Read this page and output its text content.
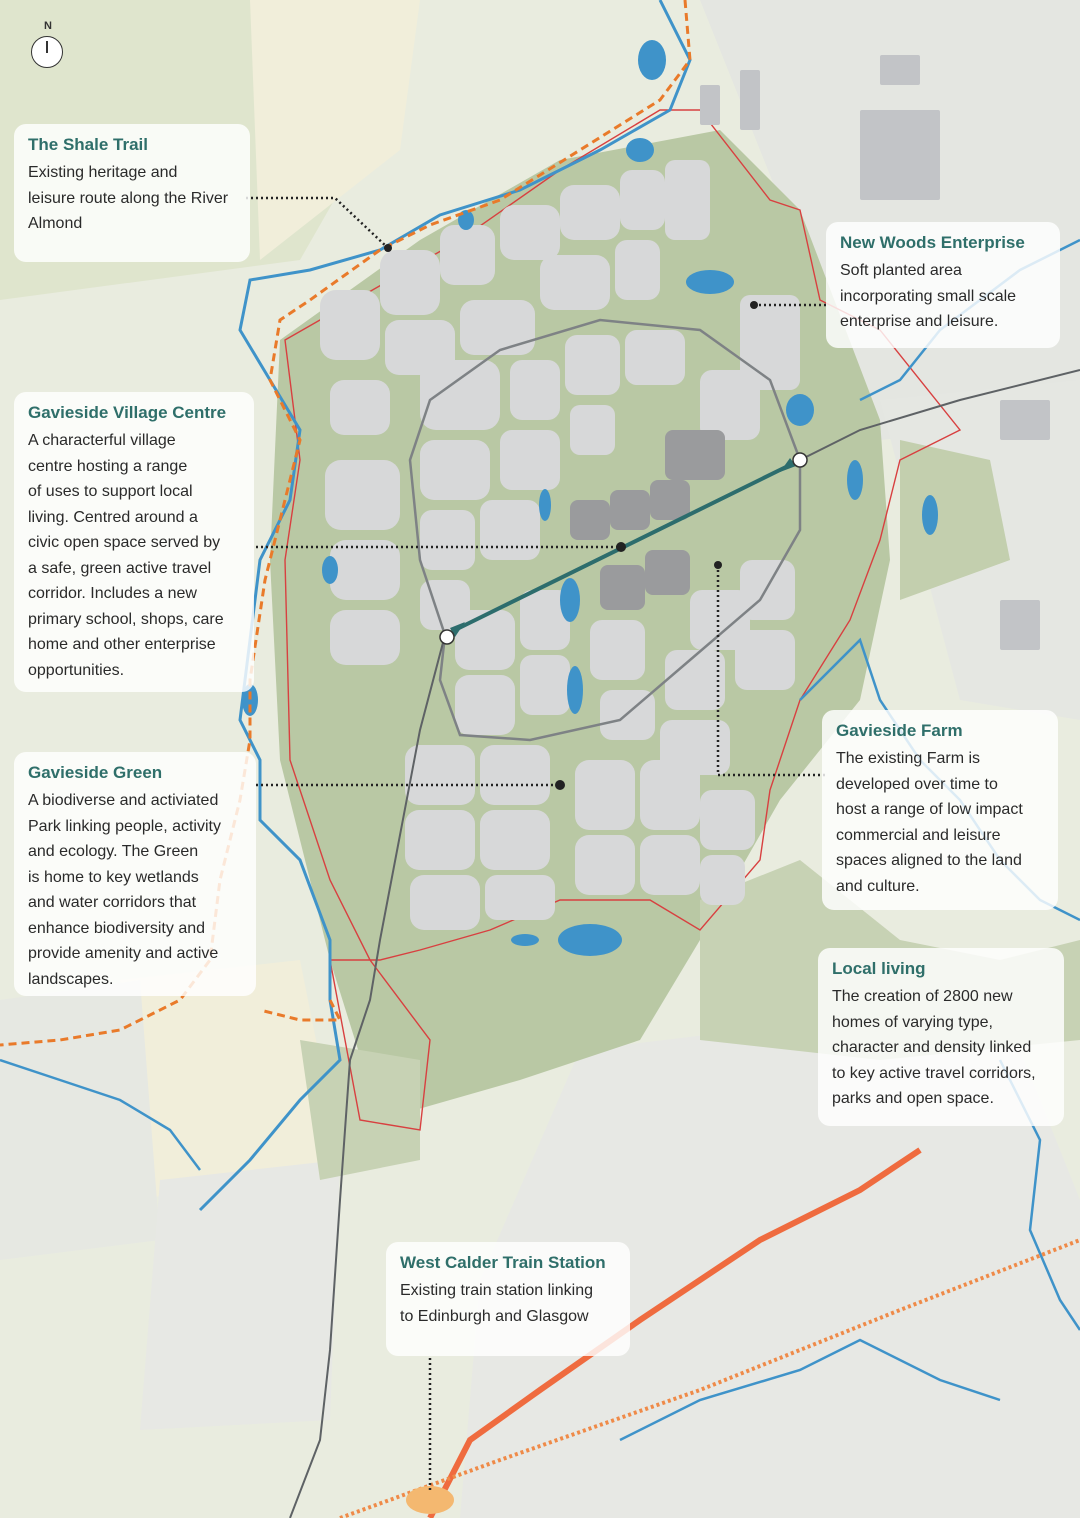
N
The Shale Trail

Existing heritage and

leisure route along the River

Almond

New Woods Enterprise

Soft planted area

incorporating small scale

enterprise and leisure.

Gavieside Village Centre

A characterful village

centre hosting a range

of uses to support local

living. Centred around a

civic open space served by

a safe, green active travel

corridor. Includes a new

primary school, shops, care

home and other enterprise

opportunities.

Gavieside Green

A biodiverse and activiated

Park linking people, activity

and ecology. The Green

is home to key wetlands

and water corridors that

enhance biodiversity and

provide amenity and active

landscapes.

Gavieside Farm

The existing Farm is

developed over time to

host a range of low impact

commercial and leisure

spaces aligned to the land

and culture.

Local living

The creation of 2800 new

homes of varying type,

character and density linked

to key active travel corridors,

parks and open space.

West Calder Train Station

Existing train station linking

to Edinburgh and Glasgow
